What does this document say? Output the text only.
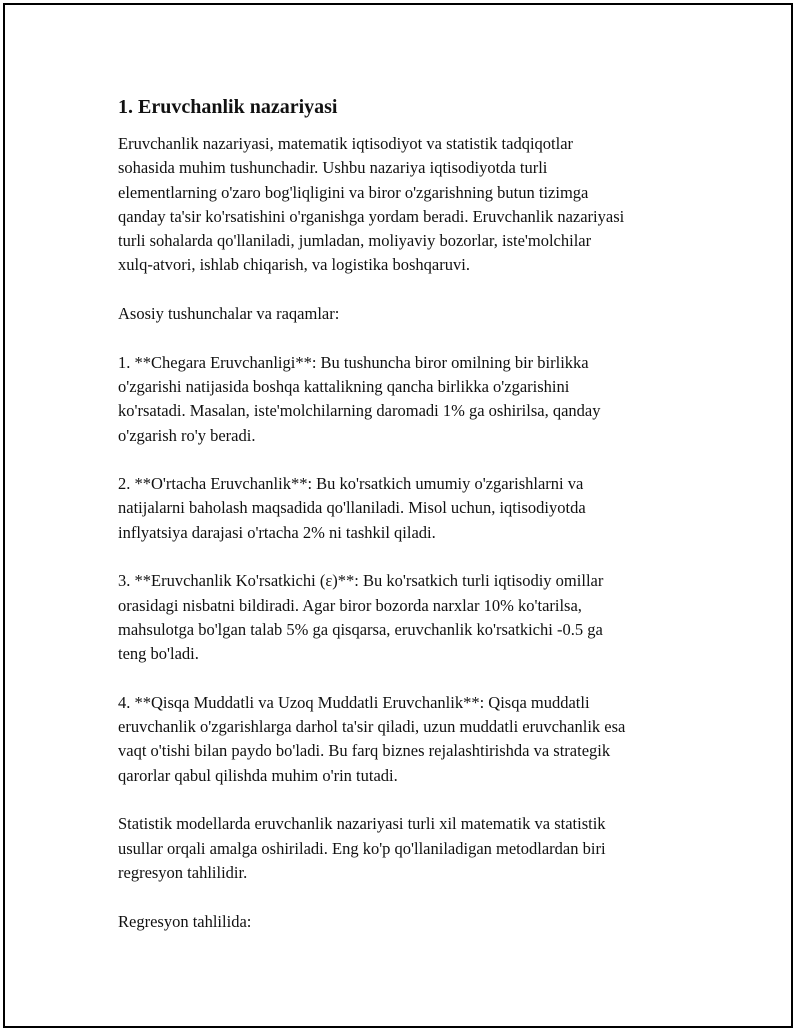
1. Eruvchanlik nazariyasi
Eruvchanlik nazariyasi, matematik iqtisodiyot va statistik tadqiqotlar
sohasida muhim tushunchadir. Ushbu nazariya iqtisodiyotda turli
elementlarning o'zaro bog'liqligini va biror o'zgarishning butun tizimga
qanday ta'sir ko'rsatishini o'rganishga yordam beradi. Eruvchanlik nazariyasi
turli sohalarda qo'llaniladi, jumladan, moliyaviy bozorlar, iste'molchilar
xulq-atvori, ishlab chiqarish, va logistika boshqaruvi.
Asosiy tushunchalar va raqamlar:
1. **Chegara Eruvchanligi**: Bu tushuncha biror omilning bir birlikka
o'zgarishi natijasida boshqa kattalikning qancha birlikka o'zgarishini
ko'rsatadi. Masalan, iste'molchilarning daromadi 1% ga oshirilsa, qanday
o'zgarish ro'y beradi.
2. **O'rtacha Eruvchanlik**: Bu ko'rsatkich umumiy o'zgarishlarni va
natijalarni baholash maqsadida qo'llaniladi. Misol uchun, iqtisodiyotda
inflyatsiya darajasi o'rtacha 2% ni tashkil qiladi.
3. **Eruvchanlik Ko'rsatkichi (ε)**: Bu ko'rsatkich turli iqtisodiy omillar
orasidagi nisbatni bildiradi. Agar biror bozorda narxlar 10% ko'tarilsa,
mahsulotga bo'lgan talab 5% ga qisqarsa, eruvchanlik ko'rsatkichi -0.5 ga
teng bo'ladi.
4. **Qisqa Muddatli va Uzoq Muddatli Eruvchanlik**: Qisqa muddatli
eruvchanlik o'zgarishlarga darhol ta'sir qiladi, uzun muddatli eruvchanlik esa
vaqt o'tishi bilan paydo bo'ladi. Bu farq biznes rejalashtirishda va strategik
qarorlar qabul qilishda muhim o'rin tutadi.
Statistik modellarda eruvchanlik nazariyasi turli xil matematik va statistik
usullar orqali amalga oshiriladi. Eng ko'p qo'llaniladigan metodlardan biri
regresyon tahlilidir.
Regresyon tahlilida:
